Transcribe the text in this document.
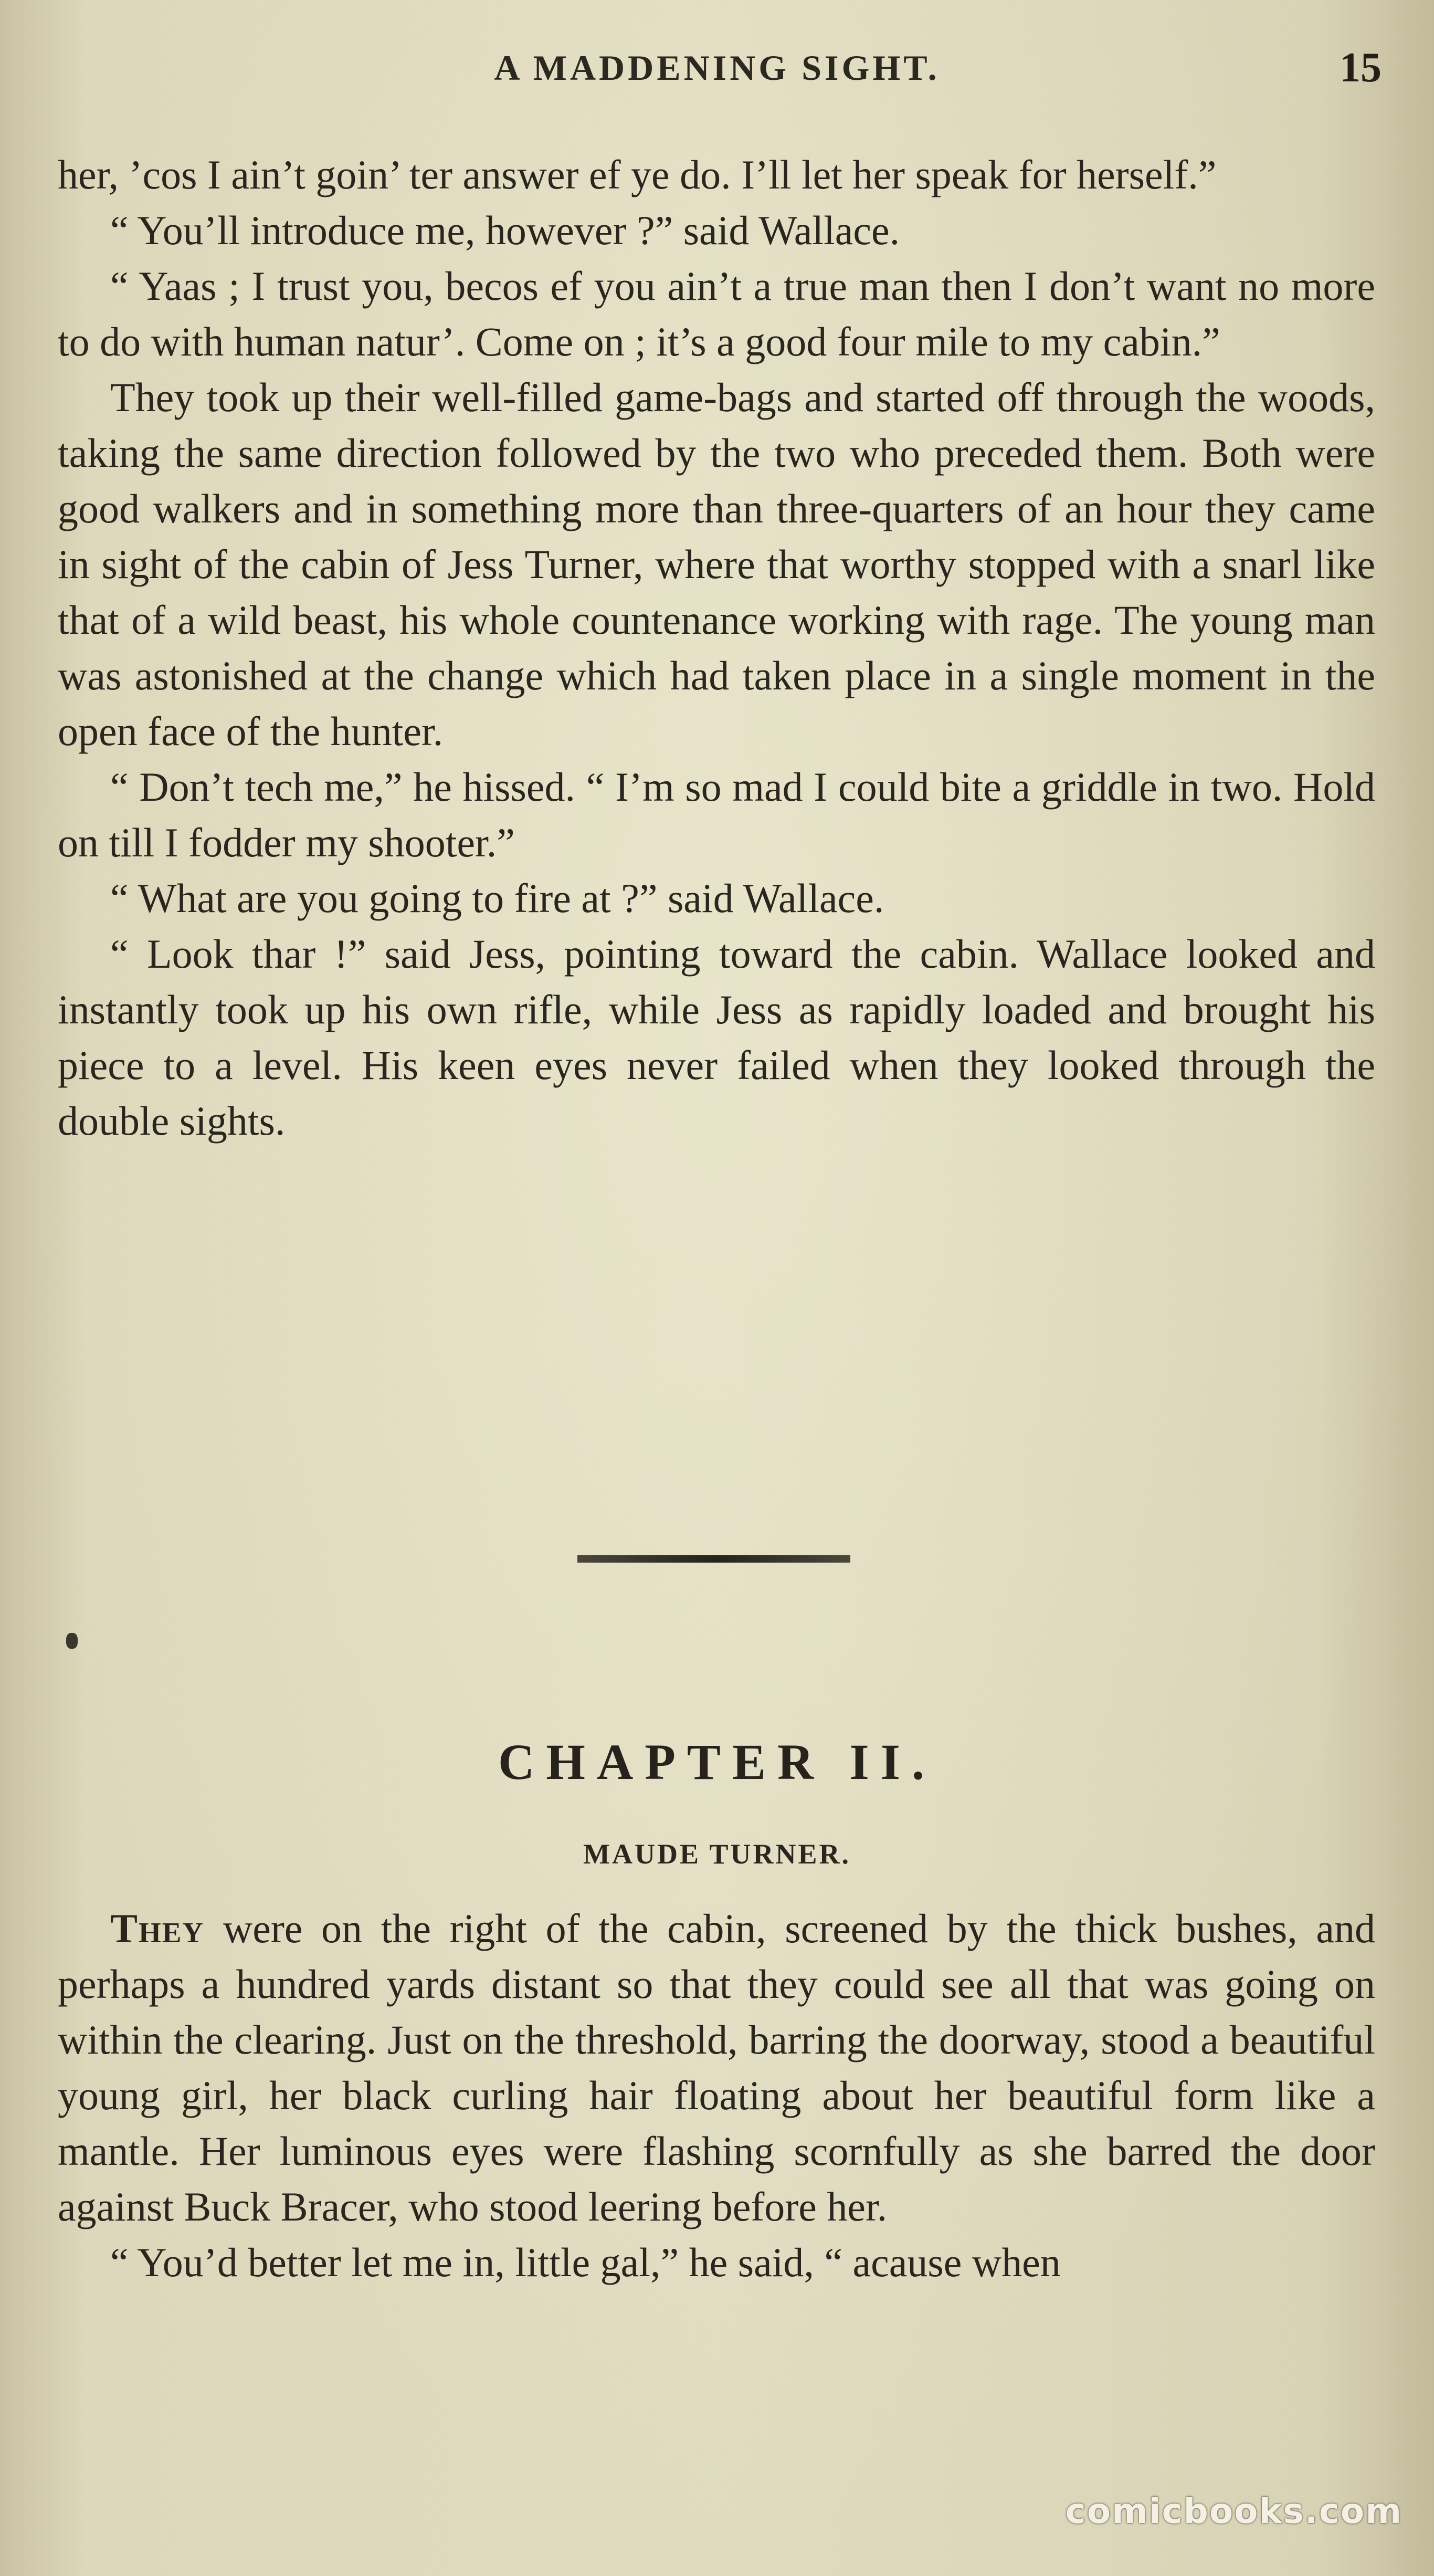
A MADDENING SIGHT.	15

her, ’cos I ain’t goin’ ter answer ef ye do. I’ll let her speak for herself.”

“ You’ll introduce me, however ?” said Wallace.

“ Yaas ; I trust you, becos ef you ain’t a true man then I don’t want no more to do with human natur’. Come on ; it’s a good four mile to my cabin.”

They took up their well-filled game-bags and started off through the woods, taking the same direction followed by the two who preceded them. Both were good walkers and in something more than three-quarters of an hour they came in sight of the cabin of Jess Turner, where that worthy stopped with a snarl like that of a wild beast, his whole countenance working with rage. The young man was astonished at the change which had taken place in a single moment in the open face of the hunter.

“ Don’t tech me,” he hissed. “ I’m so mad I could bite a griddle in two. Hold on till I fodder my shooter.”

“ What are you going to fire at ?” said Wallace.

“ Look thar !” said Jess, pointing toward the cabin. Wallace looked and instantly took up his own rifle, while Jess as rapidly loaded and brought his piece to a level. His keen eyes never failed when they looked through the double sights.

CHAPTER II.
MAUDE TURNER.

They were on the right of the cabin, screened by the thick bushes, and perhaps a hundred yards distant so that they could see all that was going on within the clearing. Just on the threshold, barring the doorway, stood a beautiful young girl, her black curling hair floating about her beautiful form like a mantle. Her luminous eyes were flashing scornfully as she barred the door against Buck Bracer, who stood leering before her.

“ You’d better let me in, little gal,” he said, “ acause when

comicbooks.com
